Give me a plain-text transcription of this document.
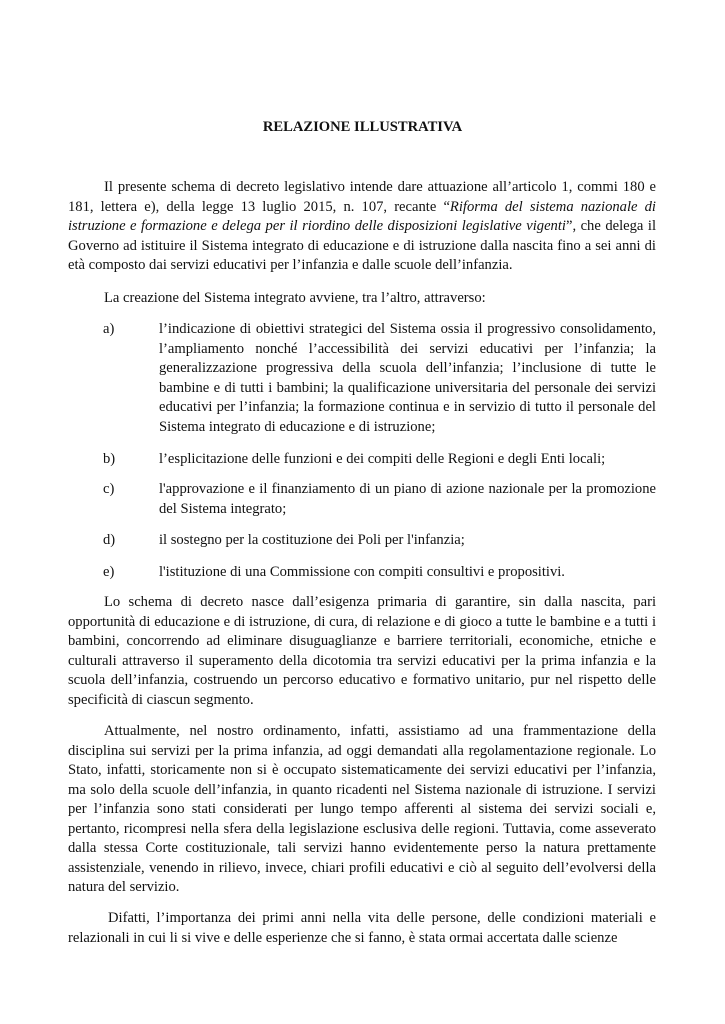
RELAZIONE ILLUSTRATIVA

Il presente schema di decreto legislativo intende dare attuazione all’articolo 1, commi 180 e 181, lettera e), della legge 13 luglio 2015, n. 107, recante “Riforma del sistema nazionale di istruzione e formazione e delega per il riordino delle disposizioni legislative vigenti”, che delega il Governo ad istituire il Sistema integrato di educazione e di istruzione dalla nascita fino a sei anni di età composto dai servizi educativi per l’infanzia e dalle scuole dell’infanzia.

La creazione del Sistema integrato avviene, tra l’altro, attraverso:

a)	l’indicazione di obiettivi strategici del Sistema ossia il progressivo consolidamento, l’ampliamento nonché l’accessibilità dei servizi educativi per l’infanzia; la generalizzazione progressiva della scuola dell’infanzia; l’inclusione di tutte le bambine e di tutti i bambini; la qualificazione universitaria del personale dei servizi educativi per l’infanzia; la formazione continua e in servizio di tutto il personale del Sistema integrato di educazione e di istruzione;
b)	l’esplicitazione delle funzioni e dei compiti delle Regioni e degli Enti locali;
c)	l'approvazione e il finanziamento di un piano di azione nazionale per la promozione del Sistema integrato;
d)	il sostegno per la costituzione dei Poli per l'infanzia;
e)	l'istituzione di una Commissione con compiti consultivi e propositivi.

Lo schema di decreto nasce dall’esigenza primaria di garantire, sin dalla nascita, pari opportunità di educazione e di istruzione, di cura, di relazione e di gioco a tutte le bambine e a tutti i bambini, concorrendo ad eliminare disuguaglianze e barriere territoriali, economiche, etniche e culturali attraverso il superamento della dicotomia tra servizi educativi per la prima infanzia e la scuola dell’infanzia, costruendo un percorso educativo e formativo unitario, pur nel rispetto delle specificità di ciascun segmento.

Attualmente, nel nostro ordinamento, infatti, assistiamo ad una frammentazione della disciplina sui servizi per la prima infanzia, ad oggi demandati alla regolamentazione regionale. Lo Stato, infatti, storicamente non si è occupato sistematicamente dei servizi educativi per l’infanzia, ma solo della scuole dell’infanzia, in quanto ricadenti nel Sistema nazionale di istruzione. I servizi per l’infanzia sono stati considerati per lungo tempo afferenti al sistema dei servizi sociali e, pertanto, ricompresi nella sfera della legislazione esclusiva delle regioni. Tuttavia, come asseverato dalla stessa Corte costituzionale, tali servizi hanno evidentemente perso la natura prettamente assistenziale, venendo in rilievo, invece, chiari profili educativi e ciò al seguito dell’evolversi della natura del servizio.

Difatti, l’importanza dei primi anni nella vita delle persone, delle condizioni materiali e relazionali in cui li si vive e delle esperienze che si fanno, è stata ormai accertata dalle scienze
